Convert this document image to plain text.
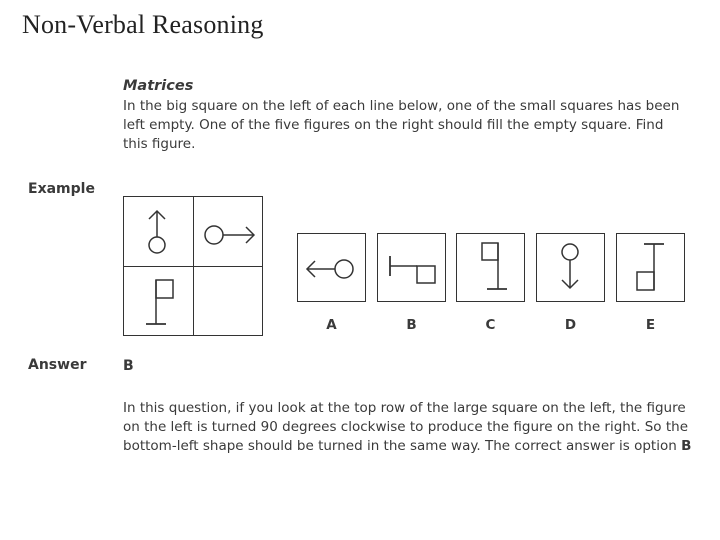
Non-Verbal Reasoning
Matrices
In the big square on the left of each line below, one of the small squares has been left empty. One of the five figures on the right should fill the empty square. Find this figure.
Example
A	B	C	D	E
Answer	B
In this question, if you look at the top row of the large square on the left, the figure on the left is turned 90 degrees clockwise to produce the figure on the right. So the bottom-left shape should be turned in the same way. The correct answer is option B
